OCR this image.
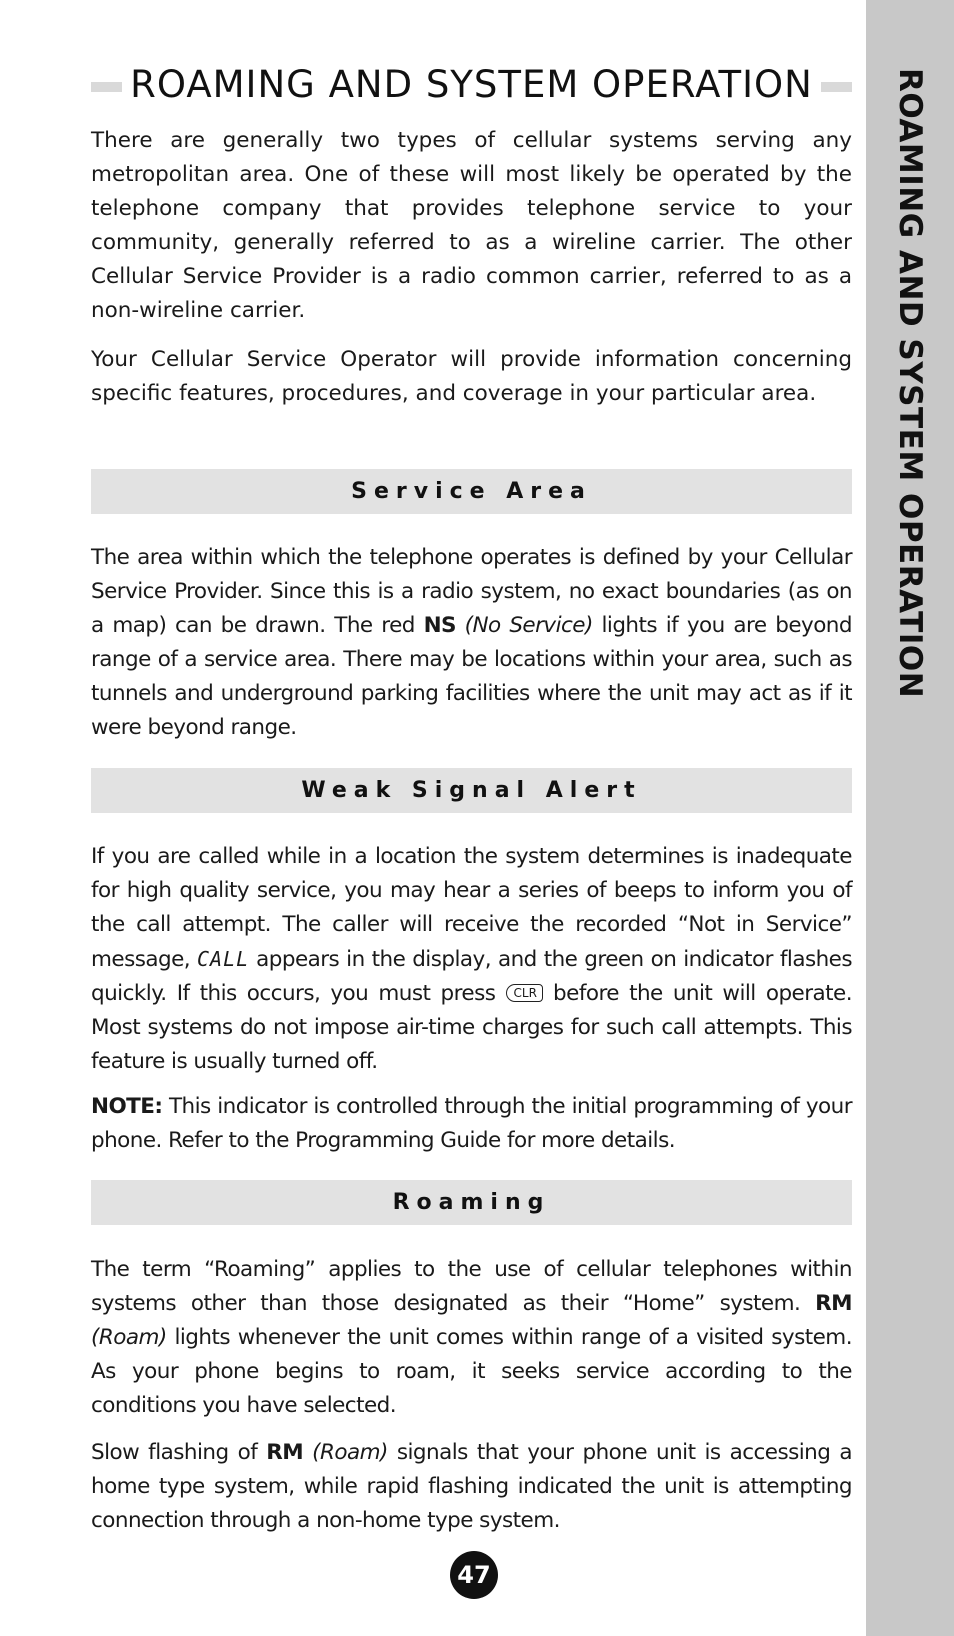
ROAMING AND SYSTEM OPERATION
ROAMING AND SYSTEM OPERATION

There are generally two types of cellular systems serving any metropolitan area. One of these will most likely be operated by the telephone company that provides telephone service to your community, generally referred to as a wireline carrier. The other Cellular Service Provider is a radio common carrier, referred to as a non-wireline carrier.

Your Cellular Service Operator will provide information concerning specific features, procedures, and coverage in your particular area.

Service Area

The area within which the telephone operates is defined by your Cellular Service Provider. Since this is a radio system, no exact boundaries (as on a map) can be drawn. The red NS (No Service) lights if you are beyond range of a service area. There may be locations within your area, such as tunnels and underground parking facilities where the unit may act as if it were beyond range.

Weak Signal Alert

If you are called while in a location the system determines is inadequate for high quality service, you may hear a series of beeps to inform you of the call attempt. The caller will receive the recorded “Not in Service” message, CALL appears in the display, and the green on indicator flashes quickly. If this occurs, you must press CLR before the unit will operate. Most systems do not impose air-time charges for such call attempts. This feature is usually turned off.

NOTE: This indicator is controlled through the initial programming of your phone. Refer to the Programming Guide for more details.

Roaming

The term “Roaming” applies to the use of cellular telephones within systems other than those designated as their “Home” system. RM (Roam) lights whenever the unit comes within range of a visited system. As your phone begins to roam, it seeks service according to the conditions you have selected.

Slow flashing of RM (Roam) signals that your phone unit is accessing a home type system, while rapid flashing indicated the unit is attempting connection through a non-home type system.

47
